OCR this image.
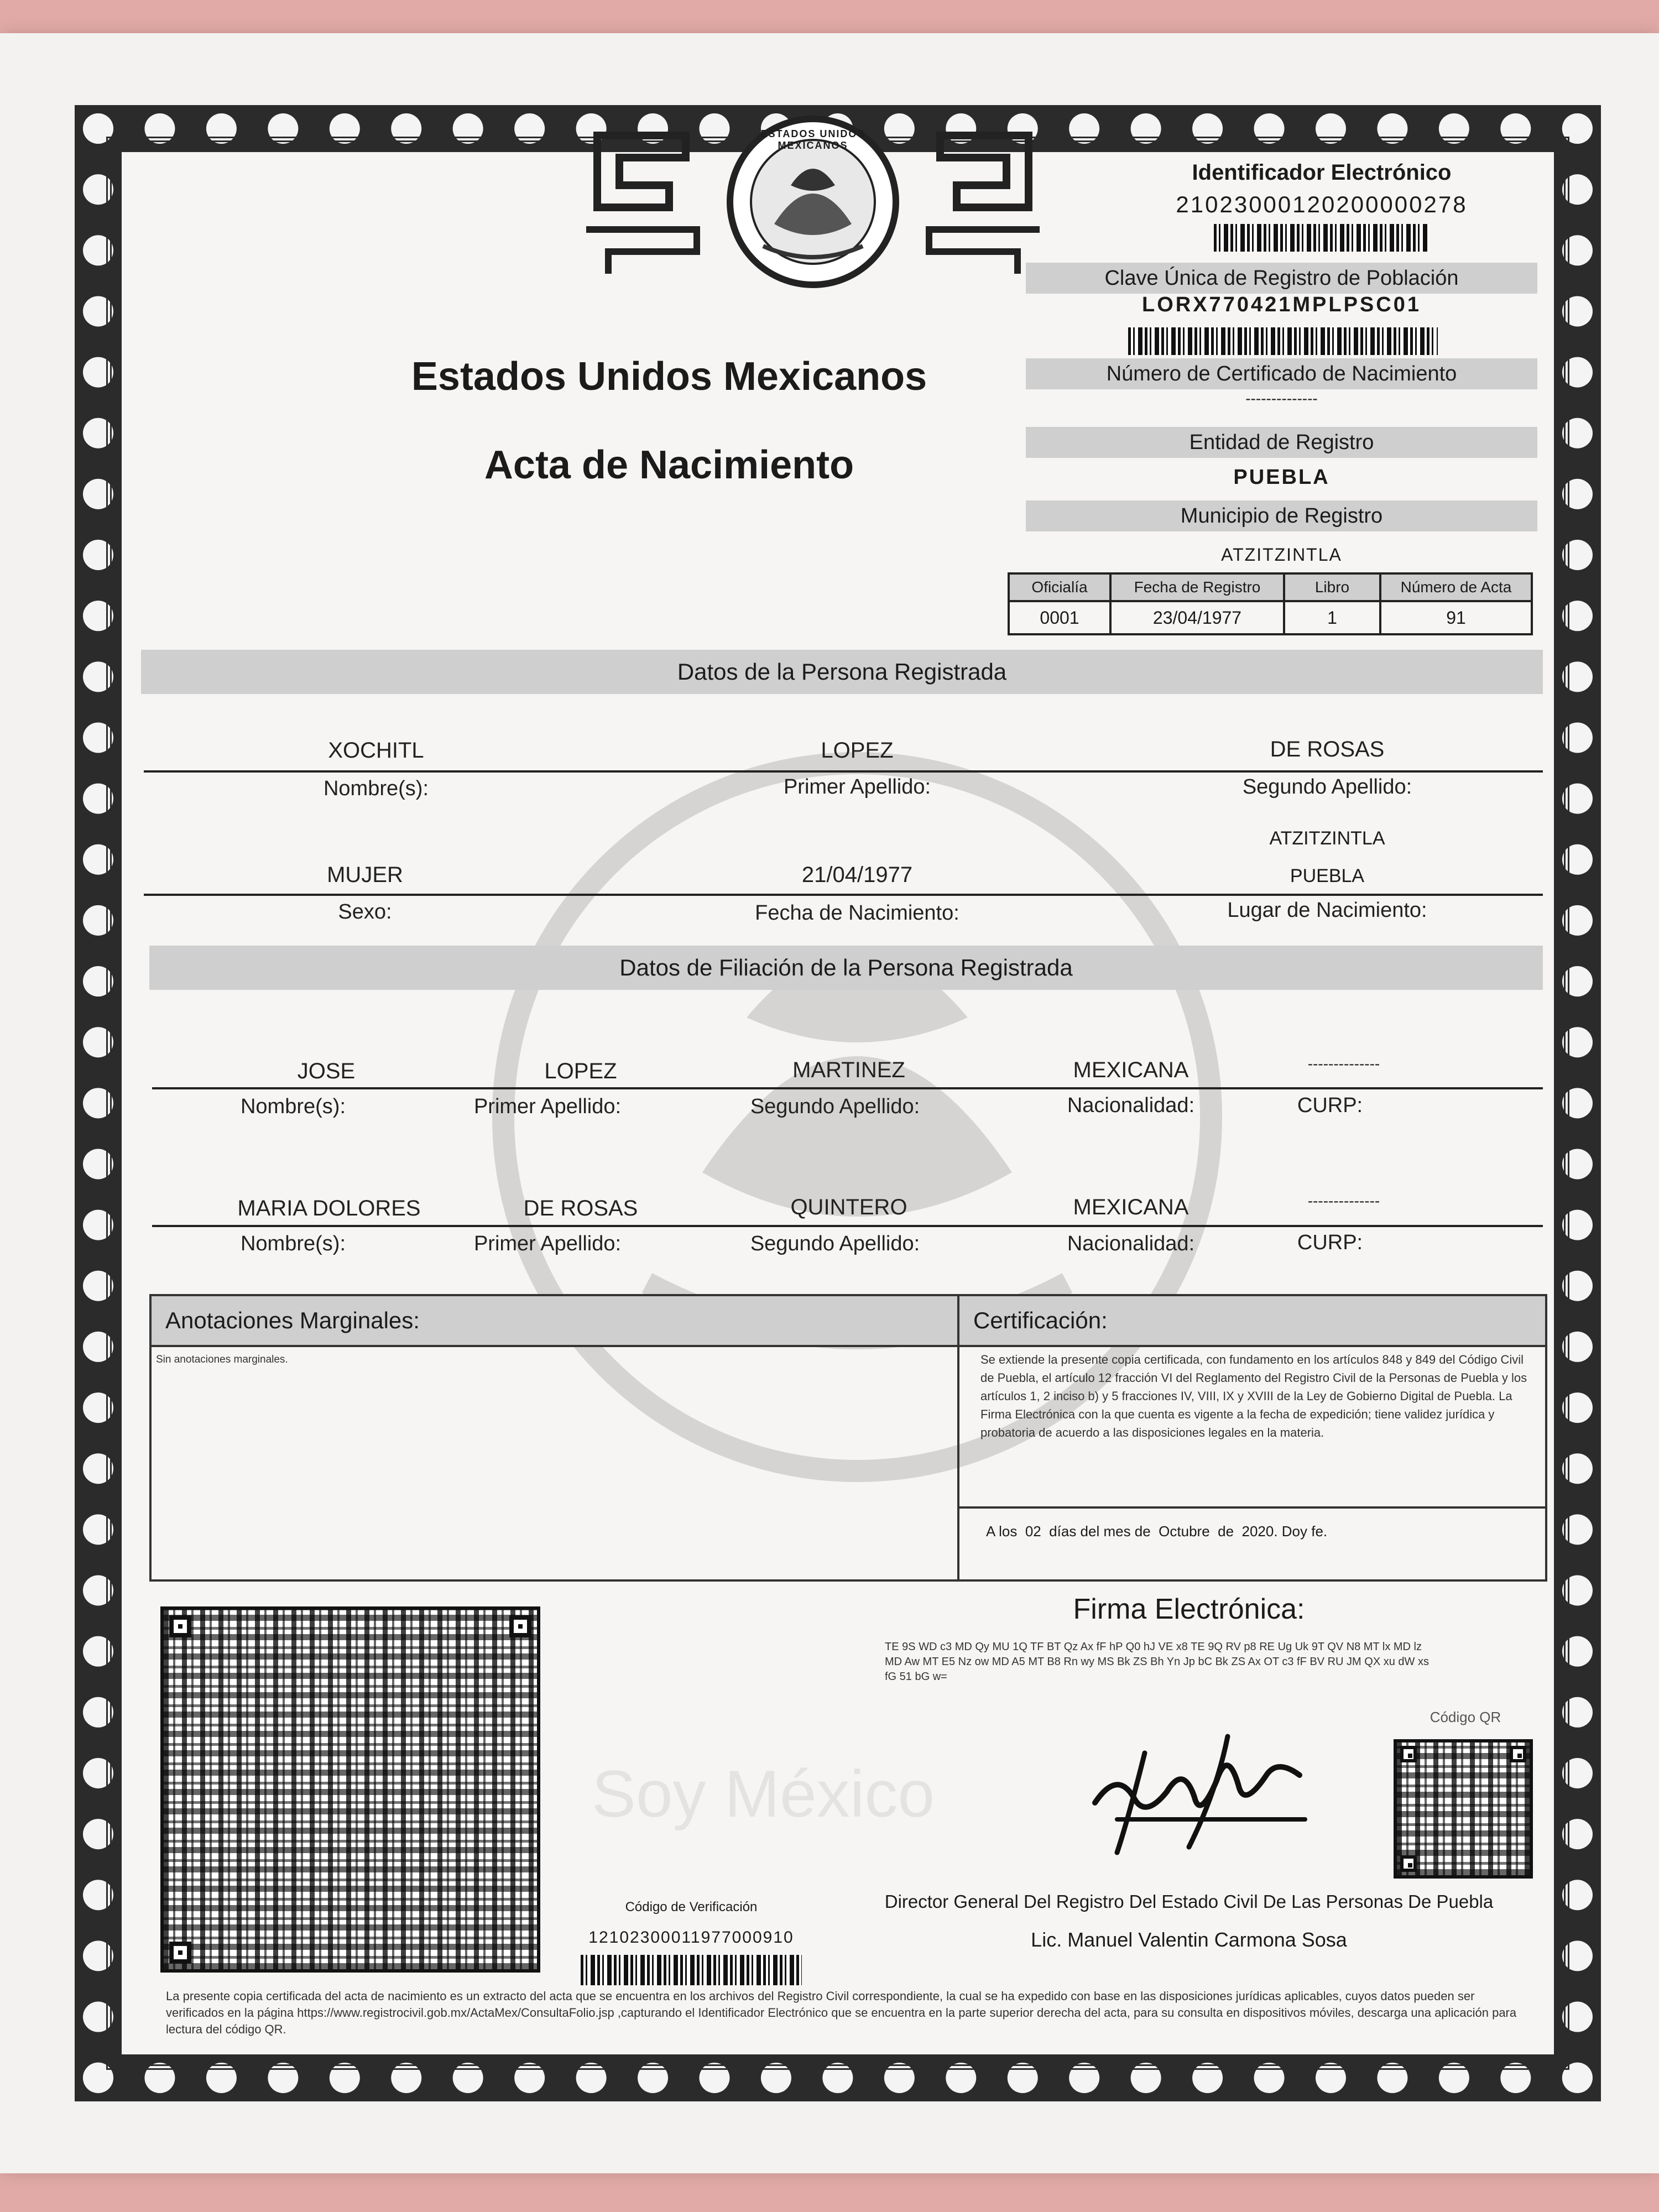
ESTADOS UNIDOS MEXICANOS
Estados Unidos Mexicanos
Acta de Nacimiento
Identificador Electrónico
21023000120200000278
Clave Única de Registro de Población
LORX770421MPLPSC01
Número de Certificado de Nacimiento
--------------
Entidad de Registro
PUEBLA
Municipio de Registro
ATZITZINTLA
Oficialía	Fecha de Registro	Libro	Número de Acta
0001	23/04/1977	1	91
Datos de la Persona Registrada
XOCHITL	LOPEZ	DE ROSAS
Nombre(s):	Primer Apellido:	Segundo Apellido:
ATZITZINTLA
MUJER	21/04/1977	PUEBLA
Sexo:	Fecha de Nacimiento:	Lugar de Nacimiento:
Datos de Filiación de la Persona Registrada
JOSE	LOPEZ	MARTINEZ	MEXICANA	--------------
Nombre(s):	Primer Apellido:	Segundo Apellido:	Nacionalidad:	CURP:
MARIA DOLORES	DE ROSAS	QUINTERO	MEXICANA	--------------
Nombre(s):	Primer Apellido:	Segundo Apellido:	Nacionalidad:	CURP:
Anotaciones Marginales:
Sin anotaciones marginales.
Certificación:
Se extiende la presente copia certificada, con fundamento en los artículos 848 y 849 del Código Civil de Puebla, el artículo 12 fracción VI del Reglamento del Registro Civil de la Personas de Puebla y los artículos 1, 2 inciso b) y 5 fracciones IV, VIII, IX y XVIII de la Ley de Gobierno Digital de Puebla. La Firma Electrónica con la que cuenta es vigente a la fecha de expedición; tiene validez jurídica y probatoria de acuerdo a las disposiciones legales en la materia.
A los  02  días del mes de  Octubre  de  2020. Doy fe.
Soy México
Firma Electrónica:
TE 9S WD c3 MD Qy MU 1Q TF BT Qz Ax fF hP Q0 hJ VE x8 TE 9Q RV p8 RE Ug Uk 9T QV N8 MT lx MD lz MD Aw MT E5 Nz ow MD A5 MT B8 Rn wy MS Bk ZS Bh Yn Jp bC Bk ZS Ax OT c3 fF BV RU JM QX xu dW xs fG 51 bG w=
Código QR
Director General Del Registro Del Estado Civil De Las Personas De Puebla
Lic. Manuel Valentin Carmona Sosa
Código de Verificación
12102300011977000910
La presente copia certificada del acta de nacimiento es un extracto del acta que se encuentra en los archivos del Registro Civil correspondiente, la cual se ha expedido con base en las disposiciones jurídicas aplicables, cuyos datos pueden ser verificados en la página https://www.registrocivil.gob.mx/ActaMex/ConsultaFolio.jsp ,capturando el Identificador Electrónico que se encuentra en la parte superior derecha del acta, para su consulta en dispositivos móviles, descarga una aplicación para lectura del código QR.
